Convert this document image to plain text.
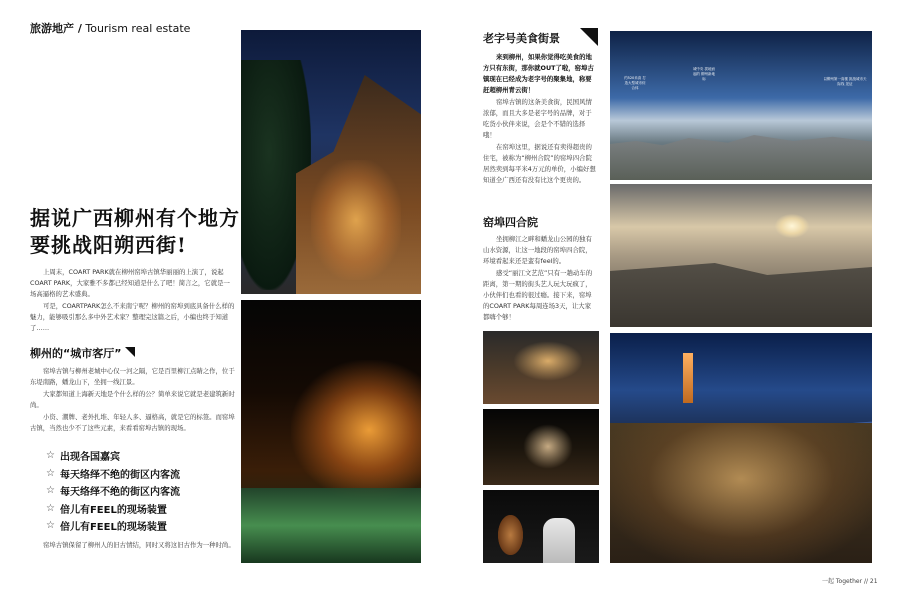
旅游地产 / Tourism real estate
据说广西柳州有个地方要挑战阳朔西街!

上周末，COART PARK就在柳州窑埠古镇华丽丽的上演了，说起COART PARK，大家雅不多都已经知道是什么了吧！简言之，它就是一场高逼格的艺术盛典。

可是，COARTPARK怎么不来南宁呢？柳州的窑埠到底具备什么样的魅力，能够吸引那么多中外艺术家？整理完这篇之后，小编也终于知道了……

柳州的“城市客厅”

窑埠古镇与柳州老城中心仅一河之隔，它是百里柳江点睛之作，位于东堤南路，蟠龙山下，坐拥一线江景。

大家都知道上海新天地是个什么样的公？简单来说它就是老建筑新时尚。

小资、潮牌、老外扎堆、年轻人多、逼格高，就是它的标签。而窑埠古镇，当然也少不了这些元素，来看看窑埠古镇的现场。

☆ 出现各国嘉宾
☆ 每天络绎不绝的街区内客流
☆ 每天络绎不绝的街区内客流
☆ 倍儿有FEEL的现场装置
☆ 倍儿有FEEL的现场装置

窑埠古镇保留了柳州人的旧古情结，同时又将这旧古作为一种时尚。

老字号美食街景

来到柳州，如果你觉得吃美食的地方只有东街，那你就OUT了啦，窑埠古镇现在已经成为老字号的聚集地，称要赶超柳州青云街！

窑埠古镇的这条美食街，民国风情浓郁，而且大多是老字号的品牌，对于吃货小伙伴来说，会是个不错的选择哦！

在窑埠这里，据说还有卖得超贵的住宅，被称为“柳州合院”的窑埠四合院居然卖到每平米4万元的单价，小编好想知道全广西还有没有比这个更贵的。

窑埠四合院

坐拥柳江之畔和蟠龙山公园的独有山水资源，让这一地段的窑埠四合院，环境看起来还是蛮有feel的。

感受“丽江文艺范”只有一趟动车的距离，第一期的街头艺人玩大玩疯了，小伙伴们也看的很过瘾。接下来，窑埠的COART PARK每周连场3天，让大家都嗨个够！

约520米高 打造大型城市综合体
城中央 拔地而起的 柳州新地标	以柳州第一高楼 挑战城市天际线 见证
一起 Together // 21
